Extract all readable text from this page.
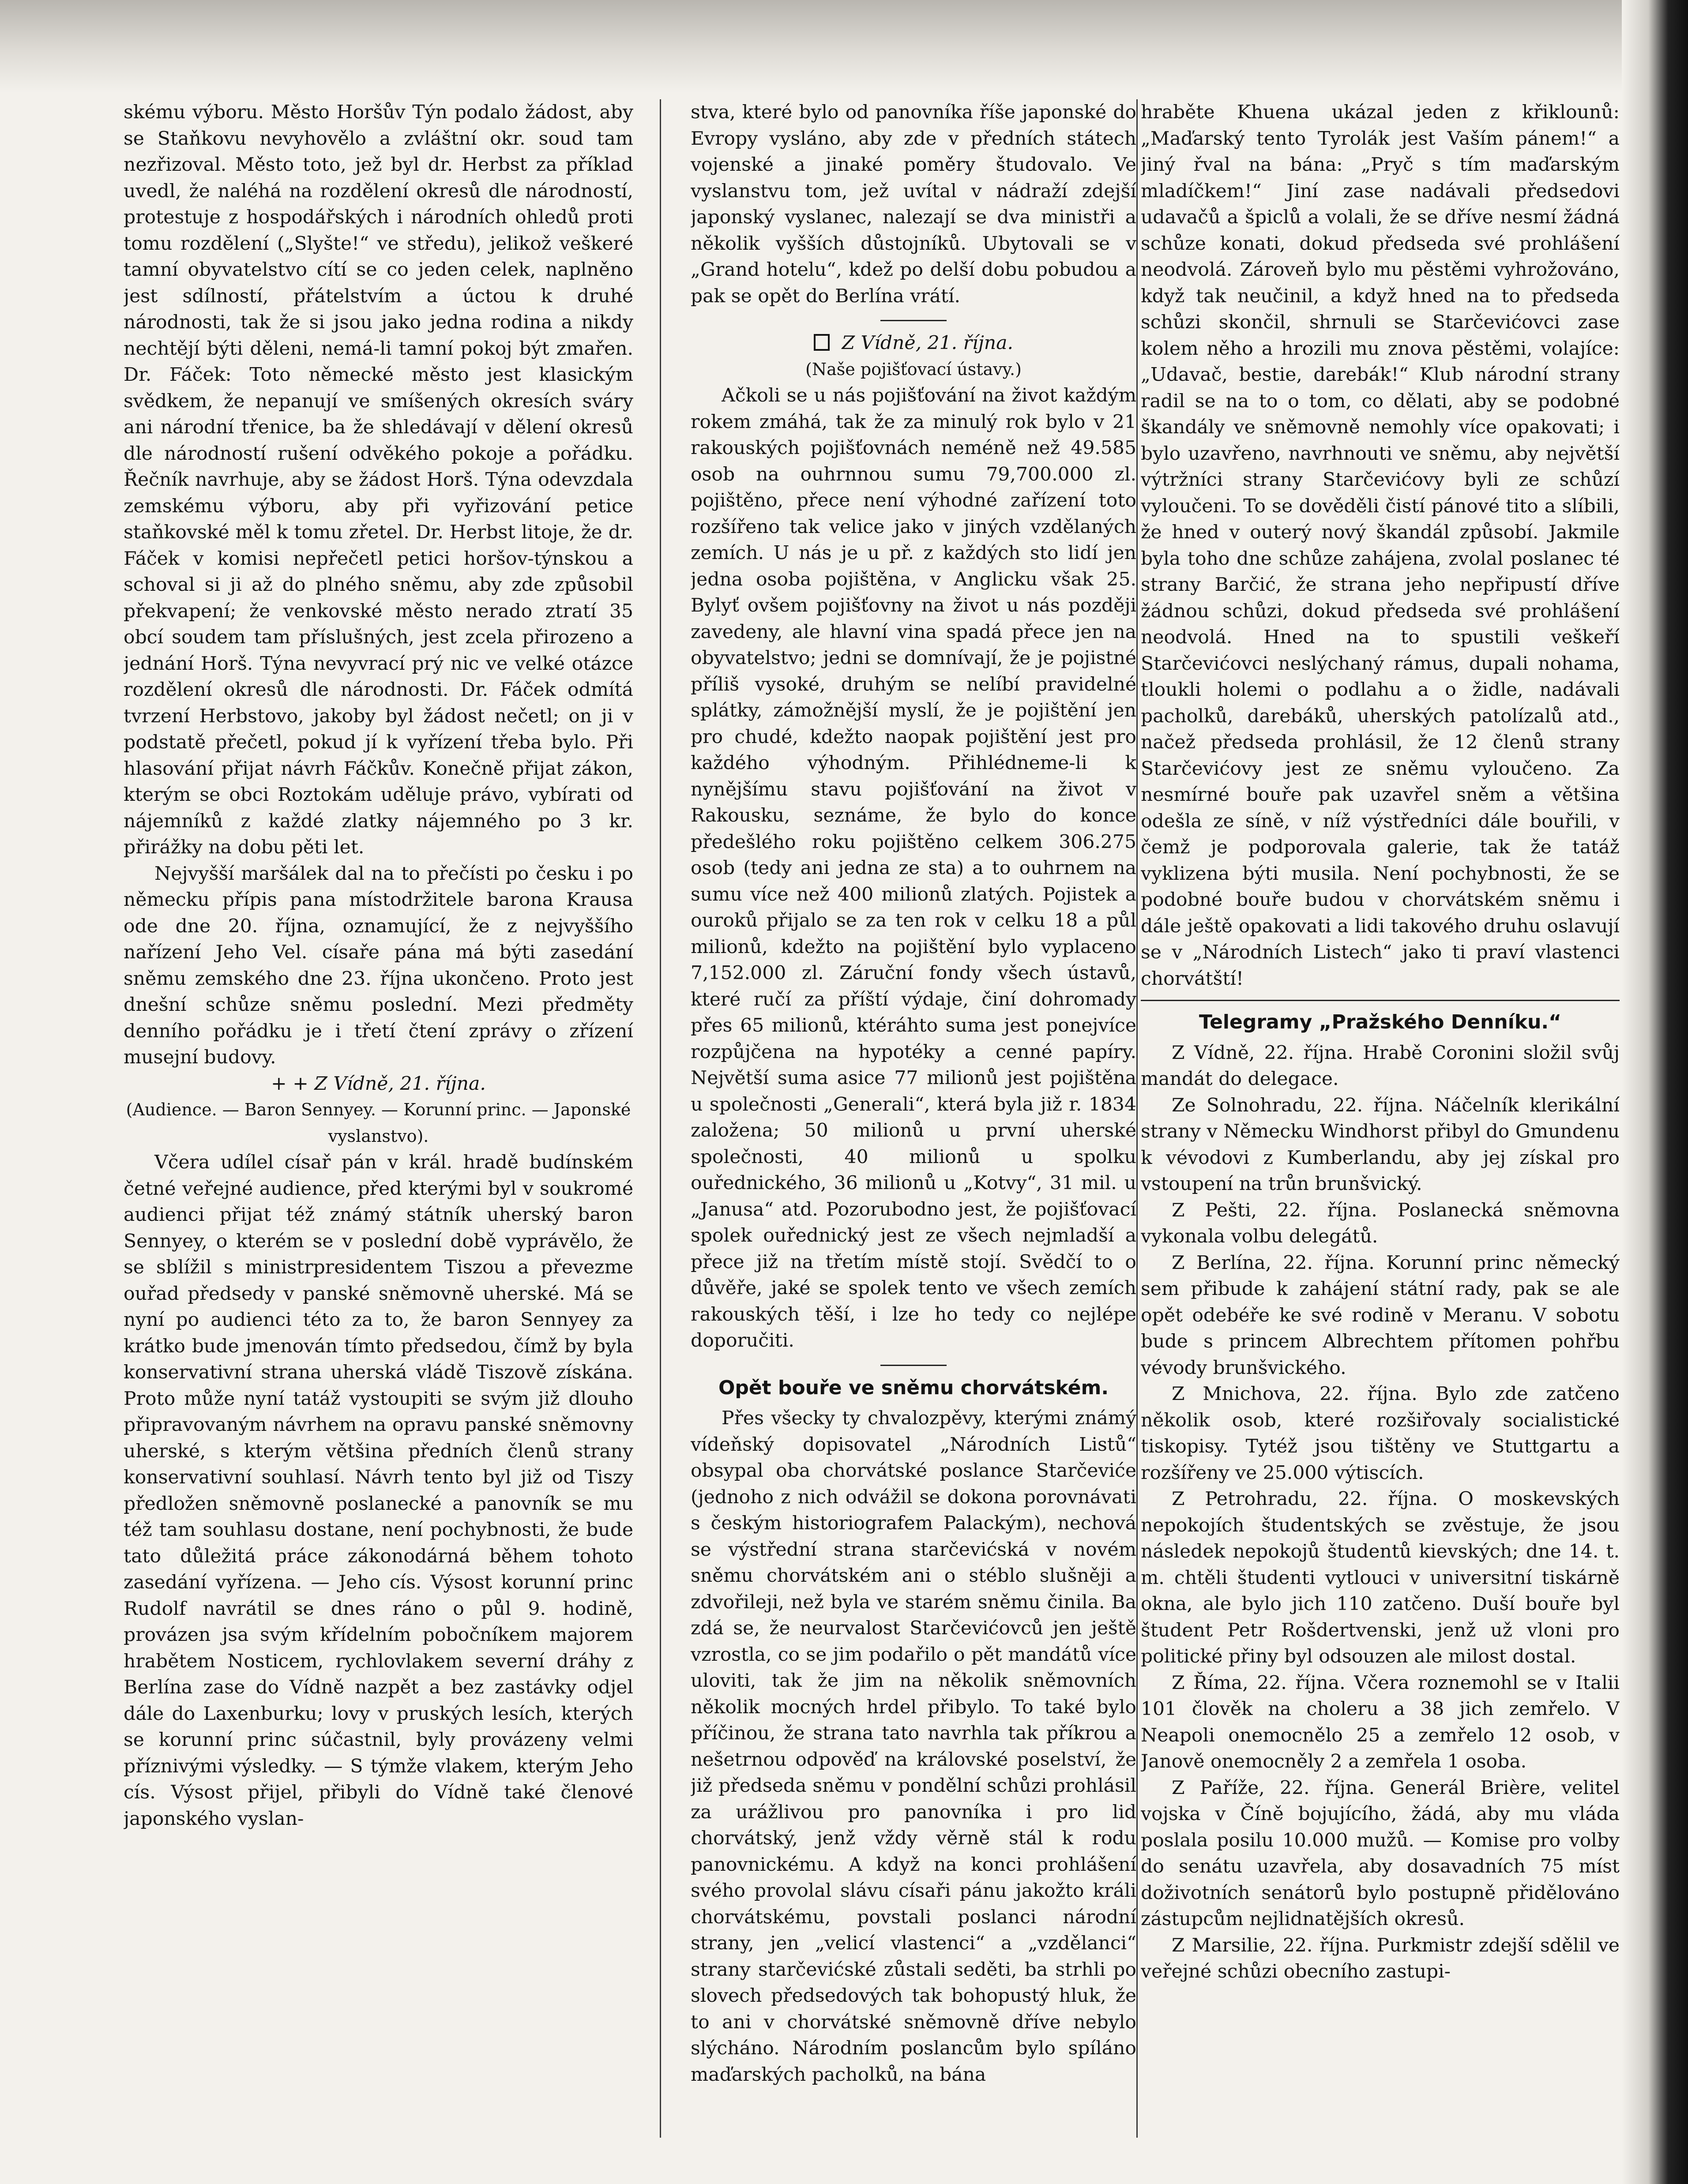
skému výboru. Město Horšův Týn podalo žádost, aby se Staňkovu nevyhovělo a zvláštní okr. soud tam nezřizoval. Město toto, jež byl dr. Herbst za příklad uvedl, že naléhá na rozdělení okresů dle národností, protestuje z hospodářských i národních ohledů proti tomu rozdělení („Slyšte!“ ve středu), jelikož veškeré tamní obyvatelstvo cítí se co jeden celek, naplněno jest sdílností, přátelstvím a úctou k druhé národnosti, tak že si jsou jako jedna rodina a nikdy nechtějí býti děleni, nemá-li tamní pokoj být zmařen. Dr. Fáček: Toto německé město jest klasickým svědkem, že nepanují ve smíšených okresích sváry ani národní třenice, ba že shledávají v dělení okresů dle národností rušení odvěkého pokoje a pořádku. Řečník navrhuje, aby se žádost Horš. Týna odevzdala zemskému výboru, aby při vyřizování petice staňkovské měl k tomu zřetel. Dr. Herbst litoje, že dr. Fáček v komisi nepřečetl petici horšov-týnskou a schoval si ji až do plného sněmu, aby zde způsobil překvapení; že venkovské město nerado ztratí 35 obcí soudem tam příslušných, jest zcela přirozeno a jednání Horš. Týna nevyvrací prý nic ve velké otázce rozdělení okresů dle národnosti. Dr. Fáček odmítá tvrzení Herbstovo, jakoby byl žádost nečetl; on ji v podstatě přečetl, pokud jí k vyřízení třeba bylo. Při hlasování přijat návrh Fáčkův. Konečně přijat zákon, kterým se obci Roztokám uděluje právo, vybírati od nájemníků z každé zlatky nájemného po 3 kr. přirážky na dobu pěti let.

Nejvyšší maršálek dal na to přečísti po česku i po německu přípis pana místodržitele barona Krausa ode dne 20. října, oznamující, že z nejvyššího nařízení Jeho Vel. císaře pána má býti zasedání sněmu zemského dne 23. října ukončeno. Proto jest dnešní schůze sněmu poslední. Mezi předměty denního pořádku je i třetí čtení zprávy o zřízení musejní budovy.

+ + Z Vídně, 21. října.

(Audience. — Baron Sennyey. — Korunní princ. — Japonské vyslanstvo).

Včera udílel císař pán v král. hradě budínském četné veřejné audience, před kterými byl v soukromé audienci přijat též známý státník uherský baron Sennyey, o kterém se v poslední době vyprávělo, že se sblížil s ministrpresidentem Tiszou a převezme ouřad předsedy v panské sněmovně uherské. Má se nyní po audienci této za to, že baron Sennyey za krátko bude jmenován tímto předsedou, čímž by byla konservativní strana uherská vládě Tiszově získána. Proto může nyní tatáž vystoupiti se svým již dlouho připravovaným návrhem na opravu panské sněmovny uherské, s kterým většina předních členů strany konservativní souhlasí. Návrh tento byl již od Tiszy předložen sněmovně poslanecké a panovník se mu též tam souhlasu dostane, není pochybnosti, že bude tato důležitá práce zákonodárná během tohoto zasedání vyřízena. — Jeho cís. Výsost korunní princ Rudolf navrátil se dnes ráno o půl 9. hodině, provázen jsa svým křídelním pobočníkem majorem hrabětem Nosticem, rychlovlakem severní dráhy z Berlína zase do Vídně nazpět a bez zastávky odjel dále do Laxenburku; lovy v pruských lesích, kterých se korunní princ súčastnil, byly provázeny velmi příznivými výsledky. — S týmže vlakem, kterým Jeho cís. Výsost přijel, přibyli do Vídně také členové japonského vyslan-

stva, které bylo od panovníka říše japonské do Evropy vysláno, aby zde v předních státech vojenské a jinaké poměry študovalo. Ve vyslanstvu tom, jež uvítal v nádraží zdejší japonský vyslanec, nalezají se dva ministři a několik vyšších důstojníků. Ubytovali se v „Grand hotelu“, kdež po delší dobu pobudou a pak se opět do Berlína vrátí.

Z Vídně, 21. října.

(Naše pojišťovací ústavy.)

Ačkoli se u nás pojišťování na život každým rokem zmáhá, tak že za minulý rok bylo v 21 rakouských pojišťovnách neméně než 49.585 osob na ouhrnnou sumu 79,700.000 zl. pojištěno, přece není výhodné zařízení toto rozšířeno tak velice jako v jiných vzdělaných zemích. U nás je u př. z každých sto lidí jen jedna osoba pojištěna, v Anglicku však 25. Bylyť ovšem pojišťovny na život u nás později zavedeny, ale hlavní vina spadá přece jen na obyvatelstvo; jedni se domnívají, že je pojistné příliš vysoké, druhým se nelíbí pravidelné splátky, zámožnější myslí, že je pojištění jen pro chudé, kdežto naopak pojištění jest pro každého výhodným. Přihlédneme-li k nynějšímu stavu pojišťování na život v Rakousku, seznáme, že bylo do konce předešlého roku pojištěno celkem 306.275 osob (tedy ani jedna ze sta) a to ouhrnem na sumu více než 400 milionů zlatých. Pojistek a ouroků přijalo se za ten rok v celku 18 a půl milionů, kdežto na pojištění bylo vyplaceno 7,152.000 zl. Záruční fondy všech ústavů, které ručí za příští výdaje, činí dohromady přes 65 milionů, ktéráhto suma jest ponejvíce rozpůjčena na hypotéky a cenné papíry. Největší suma asice 77 milionů jest pojištěna u společnosti „Generali“, která byla již r. 1834 založena; 50 milionů u první uherské společnosti, 40 milionů u spolku ouřednického, 36 milionů u „Kotvy“, 31 mil. u „Janusa“ atd. Pozorubodno jest, že pojišťovací spolek ouřednický jest ze všech nejmladší a přece již na třetím místě stojí. Svědčí to o důvěře, jaké se spolek tento ve všech zemích rakouských těší, i lze ho tedy co nejlépe doporučiti.

Opět bouře ve sněmu chorvátském.

Přes všecky ty chvalozpěvy, kterými známý vídeňský dopisovatel „Národních Listů“ obsypal oba chorvátské poslance Starčeviće (jednoho z nich odvážil se dokona porovnávati s českým historiografem Palackým), nechová se výstřední strana starčevićská v novém sněmu chorvátském ani o stéblo slušněji a zdvořileji, než byla ve starém sněmu činila. Ba zdá se, že neurvalost Starčevićovců jen ještě vzrostla, co se jim podařilo o pět mandátů více uloviti, tak že jim na několik sněmovních několik mocných hrdel přibylo. To také bylo příčinou, že strana tato navrhla tak příkrou a nešetrnou odpověď na královské poselství, že již předseda sněmu v pondělní schůzi prohlásil za urážlivou pro panovníka i pro lid chorvátský, jenž vždy věrně stál k rodu panovnickému. A když na konci prohlášení svého provolal slávu císaři pánu jakožto králi chorvátskému, povstali poslanci národní strany, jen „velicí vlastenci“ a „vzdělanci“ strany starčevićské zůstali seděti, ba strhli po slovech předsedových tak bohopustý hluk, že to ani v chorvátské sněmovně dříve nebylo slýcháno. Národním poslancům bylo spíláno maďarských pacholků, na bána

hraběte Khuena ukázal jeden z křiklounů: „Maďarský tento Tyrolák jest Vaším pánem!“ a jiný řval na bána: „Pryč s tím maďarským mladíčkem!“ Jiní zase nadávali předsedovi udavačů a špiclů a volali, že se dříve nesmí žádná schůze konati, dokud předseda své prohlášení neodvolá. Zároveň bylo mu pěstěmi vyhrožováno, když tak neučinil, a když hned na to předseda schůzi skončil, shrnuli se Starčevićovci zase kolem něho a hrozili mu znova pěstěmi, volajíce: „Udavač, bestie, darebák!“ Klub národní strany radil se na to o tom, co dělati, aby se podobné škandály ve sněmovně nemohly více opakovati; i bylo uzavřeno, navrhnouti ve sněmu, aby největší výtržníci strany Starčevićovy byli ze schůzí vyloučeni. To se dověděli čistí pánové tito a slíbili, že hned v outerý nový škandál způsobí. Jakmile byla toho dne schůze zahájena, zvolal poslanec té strany Barčić, že strana jeho nepřipustí dříve žádnou schůzi, dokud předseda své prohlášení neodvolá. Hned na to spustili veškeří Starčevićovci neslýchaný rámus, dupali nohama, tloukli holemi o podlahu a o židle, nadávali pacholků, darebáků, uherských patolízalů atd., načež předseda prohlásil, že 12 členů strany Starčevićovy jest ze sněmu vyloučeno. Za nesmírné bouře pak uzavřel sněm a většina odešla ze síně, v níž výstředníci dále bouřili, v čemž je podporovala galerie, tak že tatáž vyklizena býti musila. Není pochybnosti, že se podobné bouře budou v chorvátském sněmu i dále ještě opakovati a lidi takového druhu oslavují se v „Národních Listech“ jako ti praví vlastenci chorvátští!

Telegramy „Pražského Denníku.“

Z Vídně, 22. října. Hrabě Coronini složil svůj mandát do delegace.

Ze Solnohradu, 22. října. Náčelník klerikální strany v Německu Windhorst přibyl do Gmundenu k vévodovi z Kumberlandu, aby jej získal pro vstoupení na trůn brunšvický.

Z Pešti, 22. října. Poslanecká sněmovna vykonala volbu delegátů.

Z Berlína, 22. října. Korunní princ německý sem přibude k zahájení státní rady, pak se ale opět odebéře ke své rodině v Meranu. V sobotu bude s princem Albrechtem přítomen pohřbu vévody brunšvického.

Z Mnichova, 22. října. Bylo zde zatčeno několik osob, které rozšiřovaly socialistické tiskopisy. Tytéž jsou tištěny ve Stuttgartu a rozšířeny ve 25.000 výtiscích.

Z Petrohradu, 22. října. O moskevských nepokojích študentských se zvěstuje, že jsou následek nepokojů študentů kievských; dne 14. t. m. chtěli študenti vytlouci v universitní tiskárně okna, ale bylo jich 110 zatčeno. Duší bouře byl študent Petr Rošdertvenski, jenž už vloni pro politické přiny byl odsouzen ale milost dostal.

Z Říma, 22. října. Včera roznemohl se v Italii 101 člověk na choleru a 38 jich zemřelo. V Neapoli onemocnělo 25 a zemřelo 12 osob, v Janově onemocněly 2 a zemřela 1 osoba.

Z Paříže, 22. října. Generál Brière, velitel vojska v Číně bojujícího, žádá, aby mu vláda poslala posilu 10.000 mužů. — Komise pro volby do senátu uzavřela, aby dosavadních 75 míst doživotních senátorů bylo postupně přidělováno zástupcům nejlidnatějších okresů.

Z Marsilie, 22. října. Purkmistr zdejší sdělil ve veřejné schůzi obecního zastupi-
